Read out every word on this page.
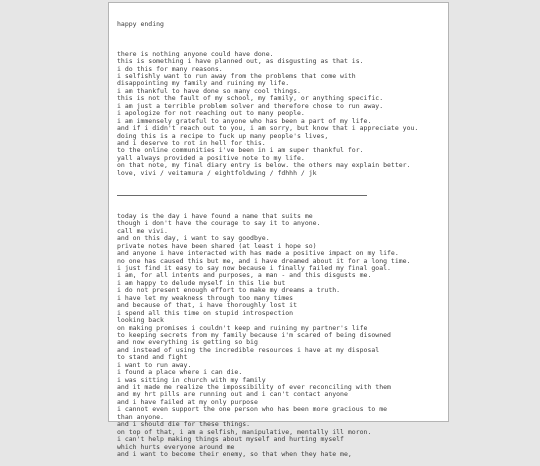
happy ending

there is nothing anyone could have done.
this is something i have planned out, as disgusting as that is.
i do this for many reasons.
i selfishly want to run away from the problems that come with
disappointing my family and ruining my life.
i am thankful to have done so many cool things.
this is not the fault of my school, my family, or anything specific.
i am just a terrible problem solver and therefore chose to run away.
i apologize for not reaching out to many people.
i am immensely grateful to anyone who has been a part of my life.
and if i didn't reach out to you, i am sorry, but know that i appreciate you.
doing this is a recipe to fuck up many people's lives,
and i deserve to rot in hell for this.
to the online communities i've been in i am super thankful for.
yall always provided a positive note to my life.
on that note, my final diary entry is below. the others may explain better.
love, vivi / veitamura / eightfoldwing / fdhhh / jk

today is the day i have found a name that suits me
though i don't have the courage to say it to anyone.
call me vivi.
and on this day, i want to say goodbye.
private notes have been shared (at least i hope so)
and anyone i have interacted with has made a positive impact on my life.
no one has caused this but me, and i have dreamed about it for a long time.
i just find it easy to say now because i finally failed my final goal.
i am, for all intents and purposes, a man - and this disgusts me.
i am happy to delude myself in this lie but
i do not present enough effort to make my dreams a truth.
i have let my weakness through too many times
and because of that, i have thoroughly lost it
i spend all this time on stupid introspection
looking back
on making promises i couldn't keep and ruining my partner's life
to keeping secrets from my family because i'm scared of being disowned
and now everything is getting so big
and instead of using the incredible resources i have at my disposal
to stand and fight
i want to run away.
i found a place where i can die.
i was sitting in church with my family
and it made me realize the impossibility of ever reconciling with them
and my hrt pills are running out and i can't contact anyone
and i have failed at my only purpose
i cannot even support the one person who has been more gracious to me
than anyone.
and i should die for these things.
on top of that, i am a selfish, manipulative, mentally ill moron.
i can't help making things about myself and hurting myself
which hurts everyone around me
and i want to become their enemy, so that when they hate me,
